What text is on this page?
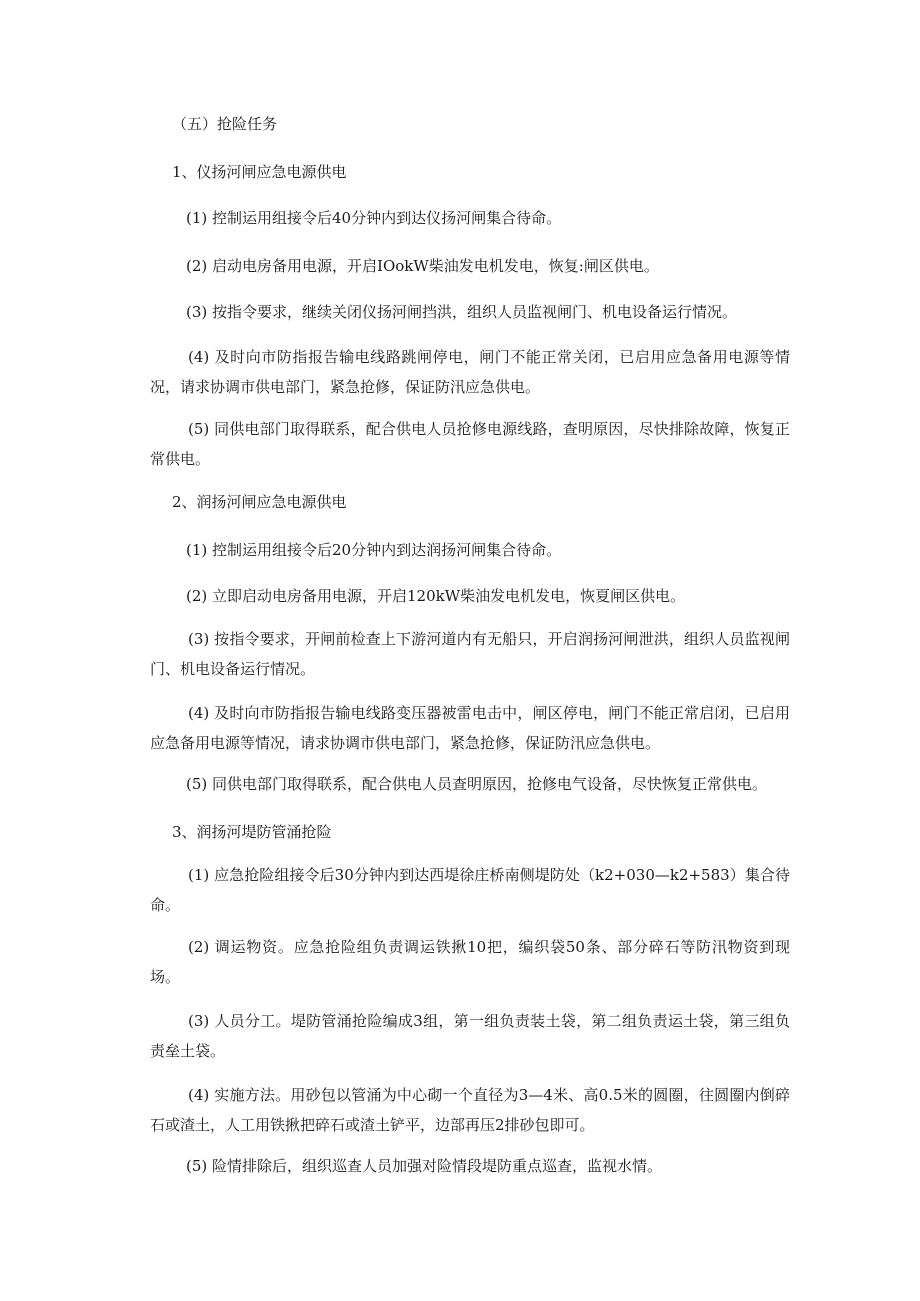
（五）抢险任务
1、仪扬河闸应急电源供电
(1) 控制运用组接令后40分钟内到达仪扬河闸集合待命。
(2) 启动电房备用电源，开启IOokW柴油发电机发电，恢复:闸区供电。
(3) 按指令要求，继续关闭仪扬河闸挡洪，组织人员监视闸门、机电设备运行情况。
(4) 及时向市防指报告输电线路跳闸停电，闸门不能正常关闭，已启用应急备用电源等情况，请求协调市供电部门，紧急抢修，保证防汛应急供电。
(5) 同供电部门取得联系，配合供电人员抢修电源线路，查明原因，尽快排除故障，恢复正常供电。
2、润扬河闸应急电源供电
(1) 控制运用组接令后20分钟内到达润扬河闸集合待命。
(2) 立即启动电房备用电源，开启120kW柴油发电机发电，恢夏闸区供电。
(3) 按指令要求，开闸前检查上下游河道内有无船只，开启润扬河闸泄洪，组织人员监视闸门、机电设备运行情况。
(4) 及时向市防指报告输电线路变压器被雷电击中，闸区停电，闸门不能正常启闭，已启用应急备用电源等情况，请求协调市供电部门，紧急抢修，保证防汛应急供电。
(5) 同供电部门取得联系，配合供电人员查明原因，抢修电气设备，尽快恢复正常供电。
3、润扬河堤防管涌抢险
(1) 应急抢险组接令后30分钟内到达西堤徐庄桥南侧堤防处（k2+030—k2+583）集合待命。
(2) 调运物资。应急抢险组负责调运铁揪10把，编织袋50条、部分碎石等防汛物资到现场。
(3) 人员分工。堤防管涌抢险编成3组，第一组负责装土袋，第二组负责运土袋，第三组负责垒土袋。
(4) 实施方法。用砂包以管涌为中心砌一个直径为3—4米、高0.5米的圆圈，往圆圈内倒碎石或渣土，人工用铁揪把碎石或渣土铲平，边部再压2排砂包即可。
(5) 险情排除后，组织巡查人员加强对险情段堤防重点巡查，监视水情。
